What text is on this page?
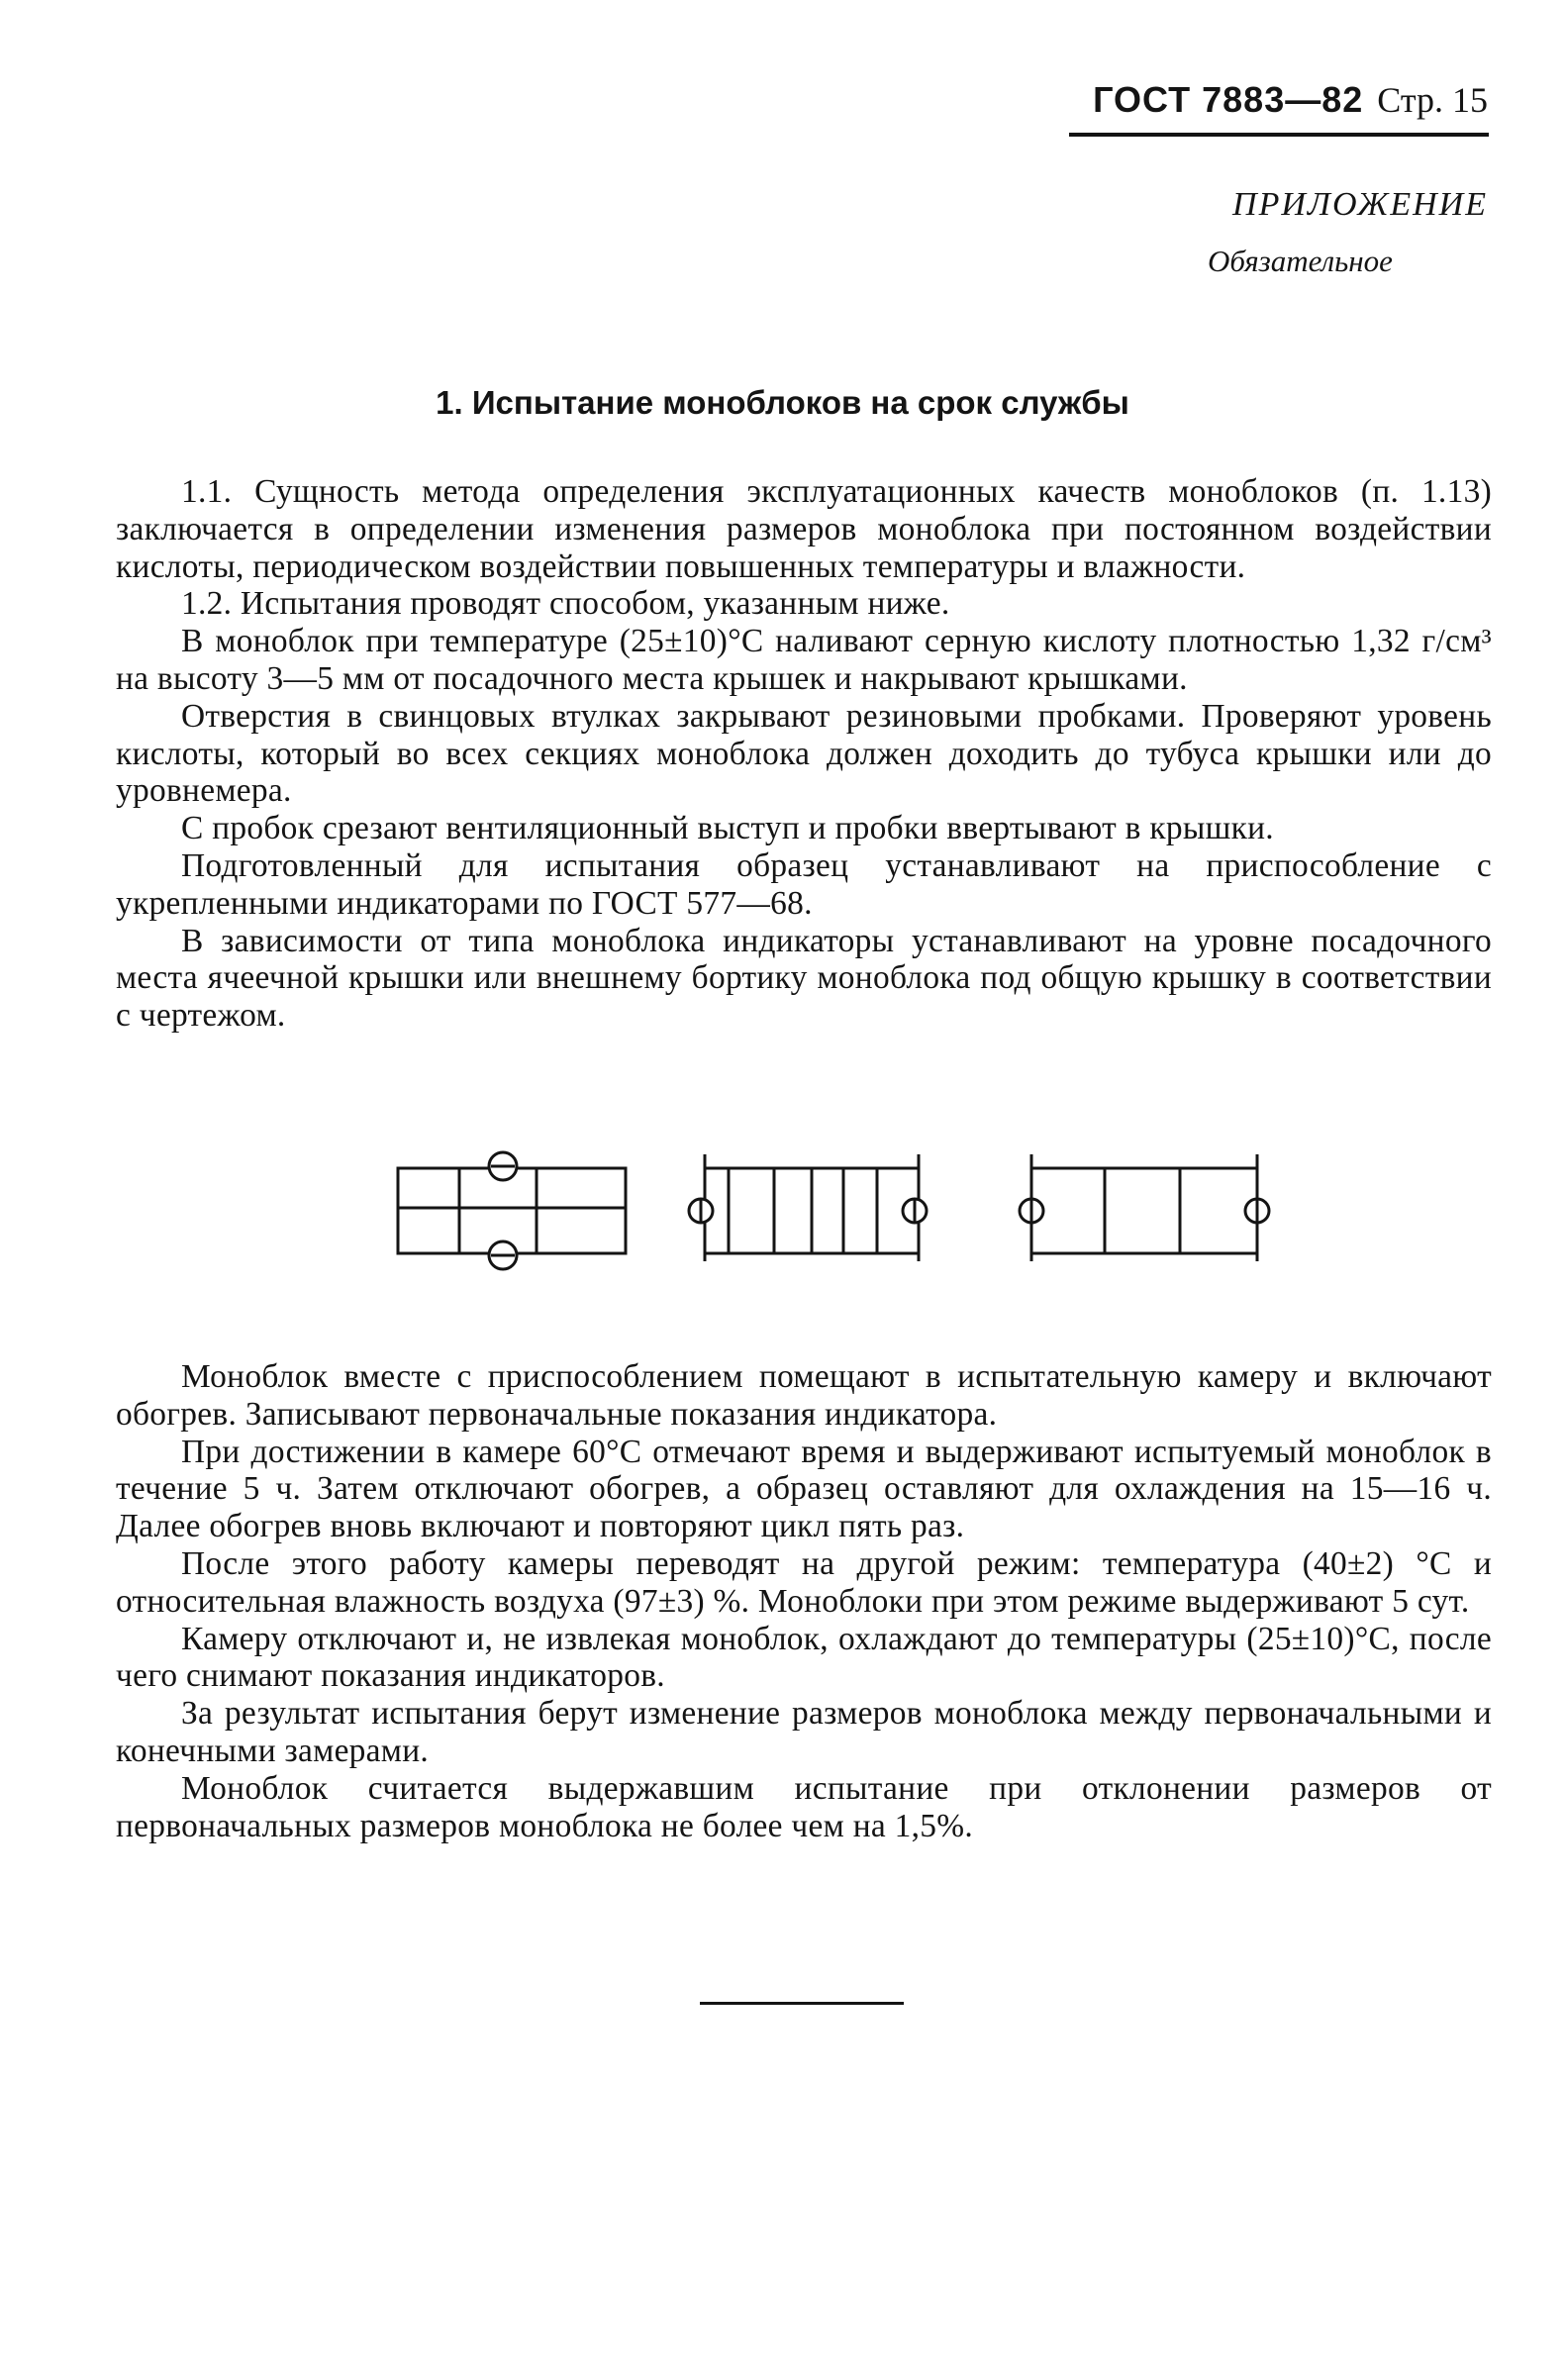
ГОСТ 7883—82 Стр. 15
ПРИЛОЖЕНИЕ
Обязательное
1. Испытание моноблоков на срок службы

1.1. Сущность метода определения эксплуатационных качеств моноблоков (п. 1.13) заключается в определении изменения размеров моноблока при постоянном воздействии кислоты, периодическом воздействии повышенных температуры и влажности.

1.2. Испытания проводят способом, указанным ниже.

В моноблок при температуре (25±10)°С наливают серную кислоту плотностью 1,32 г/см³ на высоту 3—5 мм от посадочного места крышек и накрывают крышками.

Отверстия в свинцовых втулках закрывают резиновыми пробками. Проверяют уровень кислоты, который во всех секциях моноблока должен доходить до тубуса крышки или до уровнемера.

С пробок срезают вентиляционный выступ и пробки ввертывают в крышки.

Подготовленный для испытания образец устанавливают на приспособление с укрепленными индикаторами по ГОСТ 577—68.

В зависимости от типа моноблока индикаторы устанавливают на уровне посадочного места ячеечной крышки или внешнему бортику моноблока под общую крышку в соответствии с чертежом.

Моноблок вместе с приспособлением помещают в испытательную камеру и включают обогрев. Записывают первоначальные показания индикатора.

При достижении в камере 60°С отмечают время и выдерживают испытуемый моноблок в течение 5 ч. Затем отключают обогрев, а образец оставляют для охлаждения на 15—16 ч. Далее обогрев вновь включают и повторяют цикл пять раз.

После этого работу камеры переводят на другой режим: температура (40±2) °С и относительная влажность воздуха (97±3) %. Моноблоки при этом режиме выдерживают 5 сут.

Камеру отключают и, не извлекая моноблок, охлаждают до температуры (25±10)°С, после чего снимают показания индикаторов.

За результат испытания берут изменение размеров моноблока между первоначальными и конечными замерами.

Моноблок считается выдержавшим испытание при отклонении размеров от первоначальных размеров моноблока не более чем на 1,5%.
